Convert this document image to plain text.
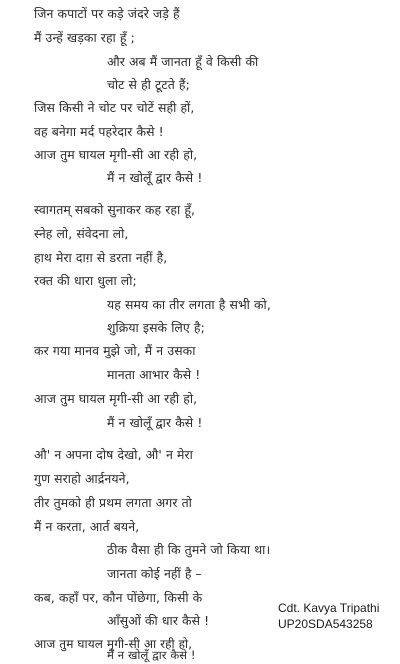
जिन कपाटों पर कड़े जंदरे जड़े हैं
मैं उन्हें खड़का रहा हूँ ;
और अब मैं जानता हूँ वे किसी की
चोट से ही टूटते हैं;
जिस किसी ने चोट पर चोटें सही हों,
वह बनेगा मर्द पहरेदार कैसे !
आज तुम घायल मृगी-सी आ रही हो,
मैं न खोलूँ द्वार कैसे !
स्वागतम् सबको सुनाकर कह रहा हूँ,
स्नेह लो, संवेदना लो,
हाथ मेरा दाग़ से डरता नहीं है,
रक्त की धारा धुला लो;
यह समय का तीर लगता है सभी को,
शुक्रिया इसके लिए है;
कर गया मानव मुझे जो, मैं न उसका
मानता आभार कैसे !
आज तुम घायल मृगी-सी आ रही हो,
मैं न खोलूँ द्वार कैसे !
औ' न अपना दोष देखो, औ' न मेरा
गुण सराहो आर्द्रनयने,
तीर तुमको ही प्रथम लगता अगर तो
मैं न करता, आर्त बयने,
ठीक वैसा ही कि तुमने जो किया था।
जानता कोई नहीं है –
कब, कहाँ पर, कौन पोंछेगा, किसी के
आँसुओं की धार कैसे !
आज तुम घायल मृगी-सी आ रही हो,
मैं न खोलूँ द्वार कैसे !
Cdt. Kavya Tripathi
UP20SDA543258
